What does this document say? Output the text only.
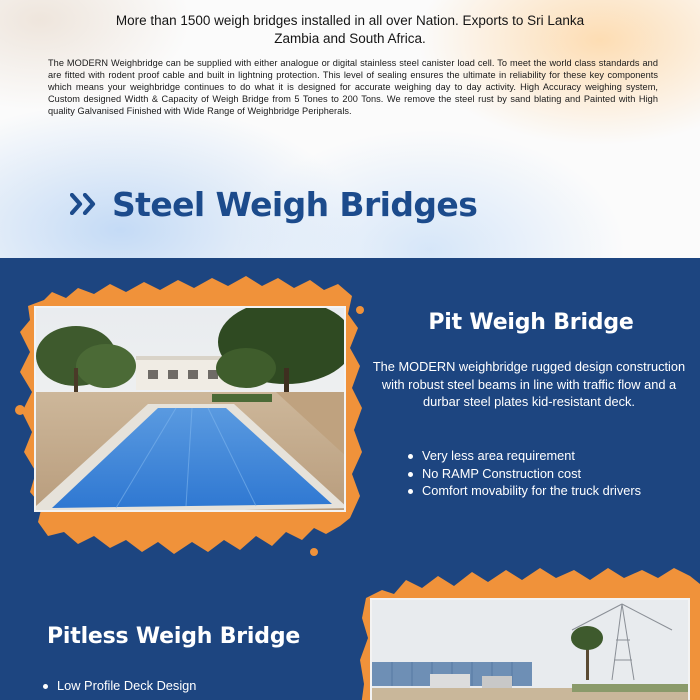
More than 1500 weigh bridges installed in all over Nation. Exports to Sri Lanka
Zambia and South Africa.

The MODERN Weighbridge can be supplied with either analogue or digital stainless steel canister load cell. To meet the world class standards and are fitted with rodent proof cable and built in lightning protection. This level of sealing ensures the ultimate in reliability for these key components which means your weighbridge continues to do what it is designed for accurate weighing day to day activity. High Accuracy weighing system, Custom designed Width & Capacity of Weigh Bridge from 5 Tones to 200 Tons. We remove the steel rust by sand blating and Painted with High quality Galvanised Finished with Wide Range of Weighbridge Peripherals.

Steel Weigh Bridges
Pit Weigh Bridge

The MODERN weighbridge rugged design construction with robust steel beams in line with traffic flow and a durbar steel plates kid-resistant deck.

Very less area requirement
No RAMP Construction cost
Comfort movability for the truck drivers
Pitless Weigh Bridge
Low Profile Deck Design
